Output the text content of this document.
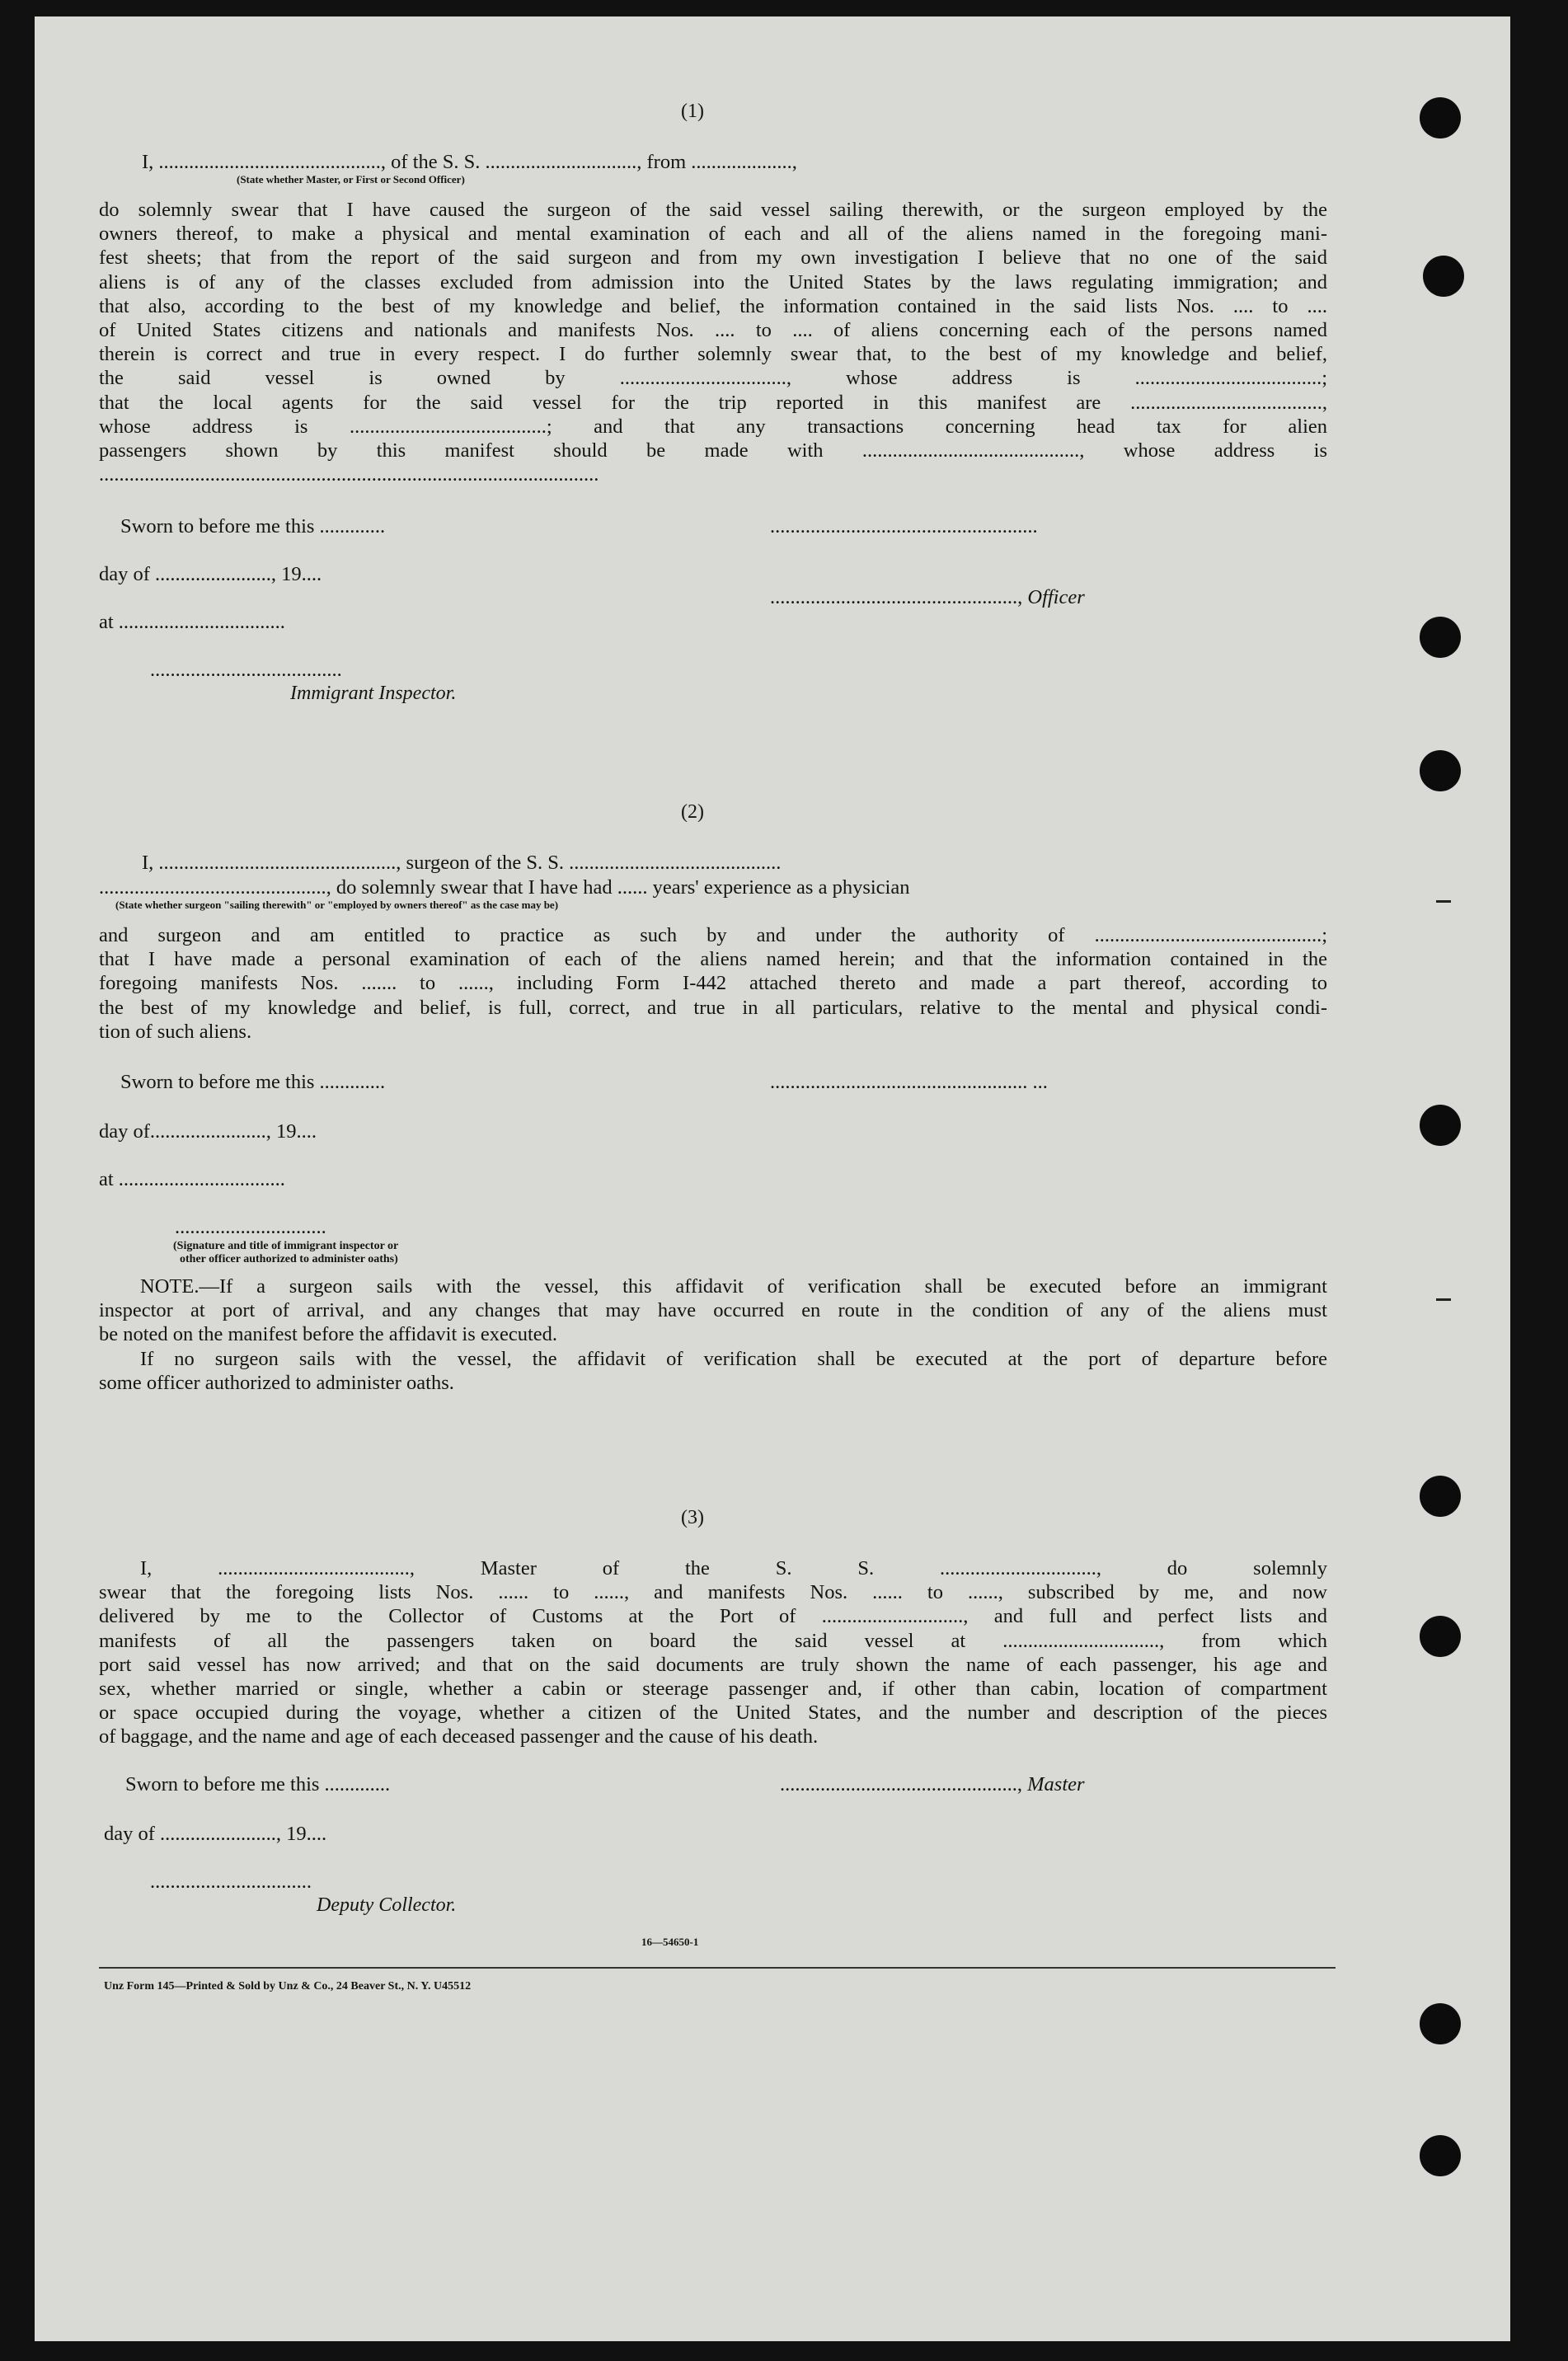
(1)
I, ............................................, of the S. S. .............................., from ....................,
(State whether Master, or First or Second Officer)
do solemnly swear that I have caused the surgeon of the said vessel sailing therewith, or the surgeon employed by the
owners thereof, to make a physical and mental examination of each and all of the aliens named in the foregoing mani-
fest sheets; that from the report of the said surgeon and from my own investigation I believe that no one of the said
aliens is of any of the classes excluded from admission into the United States by the laws regulating immigration; and
that also, according to the best of my knowledge and belief, the information contained in the said lists Nos. .... to ....
of United States citizens and nationals and manifests Nos. .... to .... of aliens concerning each of the persons named
therein is correct and true in every respect. I do further solemnly swear that, to the best of my knowledge and belief,
the said vessel is owned by ................................., whose address is .....................................;
that the local agents for the said vessel for the trip reported in this manifest are ......................................,
whose address is .......................................; and that any transactions concerning head tax for alien
passengers shown by this manifest should be made with ..........................................., whose address is
...................................................................................................
Sworn to before me this .............
day of ......................., 19....
at .................................
......................................
Immigrant Inspector.
.....................................................
................................................., Officer
(2)
I, ..............................................., surgeon of the S. S. ..........................................
............................................., do solemnly swear that I have had ...... years' experience as a physician
(State whether surgeon "sailing therewith" or "employed by owners thereof" as the case may be)
and surgeon and am entitled to practice as such by and under the authority of .............................................;
that I have made a personal examination of each of the aliens named herein; and that the information contained in the
foregoing manifests Nos. ....... to ......, including Form I-442 attached thereto and made a part thereof, according to
the best of my knowledge and belief, is full, correct, and true in all particulars, relative to the mental and physical condi-
tion of such aliens.
Sworn to before me this .............
day of......................., 19....
at .................................
................................................... ...
..............................
(Signature and title of immigrant inspector or
other officer authorized to administer oaths)
NOTE.—If a surgeon sails with the vessel, this affidavit of verification shall be executed before an immigrant
inspector at port of arrival, and any changes that may have occurred en route in the condition of any of the aliens must
be noted on the manifest before the affidavit is executed.
If no surgeon sails with the vessel, the affidavit of verification shall be executed at the port of departure before
some officer authorized to administer oaths.
(3)
I, ......................................, Master of the S. S. ..............................., do solemnly
swear that the foregoing lists Nos. ...... to ......, and manifests Nos. ...... to ......, subscribed by me, and now
delivered by me to the Collector of Customs at the Port of ............................, and full and perfect lists and
manifests of all the passengers taken on board the said vessel at ..............................., from which
port said vessel has now arrived; and that on the said documents are truly shown the name of each passenger, his age and
sex, whether married or single, whether a cabin or steerage passenger and, if other than cabin, location of compartment
or space occupied during the voyage, whether a citizen of the United States, and the number and description of the pieces
of baggage, and the name and age of each deceased passenger and the cause of his death.
Sworn to before me this .............
day of ......................., 19....
................................
Deputy Collector.
..............................................., Master
16—54650-1
Unz Form 145—Printed & Sold by Unz & Co., 24 Beaver St., N. Y. U45512
